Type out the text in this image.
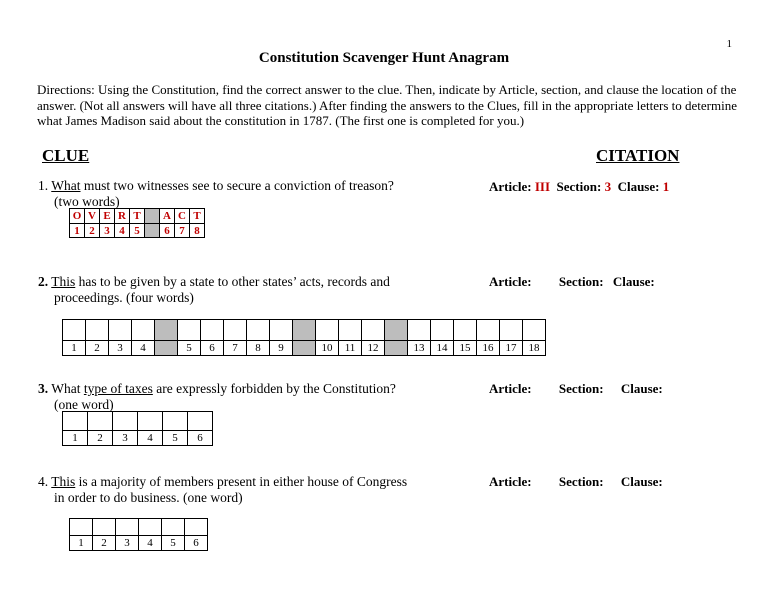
1
Constitution Scavenger Hunt Anagram
Directions: Using the Constitution, find the correct answer to the clue. Then, indicate by Article, section, and clause the location of the answer. (Not all answers will have all three citations.) After finding the answers to the Clues, fill in the appropriate letters to determine what James Madison said about the constitution in 1787. (The first one is completed for you.)
CLUE	CITATION
1. What must two witnesses see to secure a conviction of treason?
(two words)
O	V	E	R	T		A	C	T
1	2	3	4	5		6	7	8
Article: III Section: 3 Clause: 1
2. This has to be given by a state to other states’ acts, records and
proceedings. (four words)

1	2	3	4		5	6	7	8	9		10	11	12		13	14	15	16	17	18
Article: Section: Clause:
3. What type of taxes are expressly forbidden by the Constitution?
(one word)

1	2	3	4	5	6
Article: Section: Clause:
4. This is a majority of members present in either house of Congress
in order to do business. (one word)

1	2	3	4	5	6
Article: Section: Clause:
